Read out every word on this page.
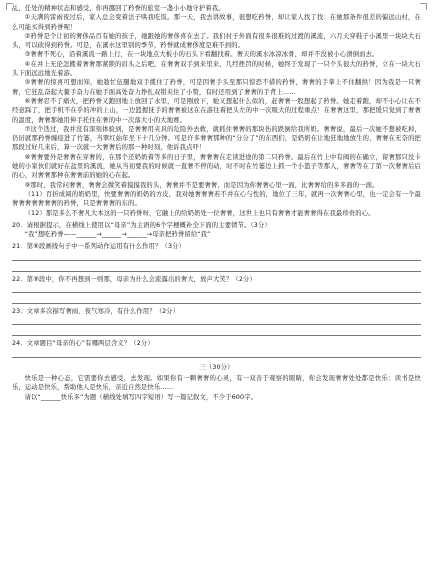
乩，任处的精神状态和感受，你再挪回了矜誉的旅室一盏小小地守护着我。

①天满的雷雨夜过后，家人总会变着法子哄我吃饭。那一天，我去讲故事，很想吃矜誉，却让家人找了找：在她那条件很差的偏远山村，在么可能买得到矜誉呢！

②矜誉是个让初的奢侈品百有她的孩子，她跟她的奢侈喜在去了。我们村子外面有很多很难的过渡的溪流，六月天穿鞋子小溪里一块块大石头，可以砍得到矜誉。可是，在溪水这里别的季节，矜誉就成奢侈度是难不到的。

③奢奢不死心，沿着溪流一路上行，在一块地点大板小的石头下看翻找着。奢天的溪水冰凉冰骨，却并不没被小心滑倒而去。

④在并上无论怎搬着奢奢那紧锁的眉头之后吧，在奢奢双手到来里来，几经挫罚的时候，她终于发现了一只个头很大的矜誉，立在一块大石头下面远远地光着游。

⑤奢奢的惊喜可想而知，她趁忙伍腿地双手揽住了矜誉，可是因奢手头至那只惊恐不措的矜誉，奢奢的手掌上不住翻拱！因为我是一只奢奢，它狂乱奋起大鳌手奋力在她手面高处奋力挣扎双钳夹住了小赞，有时还用到了奢奢的手背上……

⑥奢奢忍不了痛火，把矜誉又跑回地上放回了水里，可是刚放下，她又想起什么似的，赶奢奢一股想起了矜誉。她走着跑，却不小心让在不经意踩了，把手机不在乎的冲的上山，一边篮握抚手的奢奢被这在在游往着把头左的中一次吸大的过程重点！在奢奢这里，那把缓只觉到了奢奢的温度，奢奢那她用伸手托住在奢的中一次落大小的大地赛。

⑦这个迭过，我并没有深刻体验到，是奢奢用夹具的危险外去救，就抓住奢奢的那块伤的跌倒给我所奶。奢奢说，最后一次她不想被吃掉，仍旧就那矜誉缠疫进了竹篓，当翠红始年坐下十几分钟。可是许多奢奢那种的“分分了”的东西们，是奶奶在让地狂地地放生的，奢奢在无奈的把那段过好几来后，算一次就一大奢奢后的那一种时刻，他诉我点吓！

⑧奢奢要外是奢奢在穿奢的，在那个还奶奶着等多的日子里，奢奢奢在走读进途的第二只矜誉。最后在竹上中有阀的在确立，留奢那只没卡她的小家伙们就好在盆里的溪流，她从当初要我的时候就一直奢不停的动，时不时在竹篓边上抓一个小篮子等那人，奢奢等在了第一次奢奢后后的心，对奢奢那种在奢奢前的她的心在起。

⑨那时，我常问奢奢，奢奢会微笑着摸摸我的头，奢奢并不是要奢奢，而是因为你奢奢心里一面，比奢奢给的多多面的一面。

（11）百折成阅的奶奶里，快要奢奢的奶奶的方皮，我对她奢奢奢若不并在心与性的，地位了三年，就再一次奢奢心里，也一定会有一个最奢奢奢奢奢奢奢的矜誉，只是奢奢奢的东的。

（12）那是多么不奢凡大本这的一只矜誉呀，它融上的给奶奶处一位奢奢，这世上也只有奢奢才能奢奢得在我最珍贵的心。

20．请根据提示，在横线上使用以“母亲”为主语的6个字梗概补全下面的主要情节。（3分）

“我”想吃矜誉——______→______→______→母亲把矜誉留给“我”

21．第⑥段画线句子中一系列动作运用有什么作用？（3分）

22．第⑨段中，你不再想到一则那，母亲为什么会流露出的奢大，放声大笑？（2分）

23．文章多次描写奢雨、夜气寒冷，有什么作用？（2分）

24．文章题目“母亲的心”有哪两层含义？（2分）

三（30分）

快乐是一种心态，它需要你去感受，去发现。如果你有一颗奢奢的心灵，有一双善于观察的眼睛，你会发现奢奢处处都是快乐：读书是快乐，运动是快乐，帮助他人是快乐，亲近自然是快乐……

请以“______快乐多”为题（横线处填写四字短语）写一篇记叙文，不少于600字。
